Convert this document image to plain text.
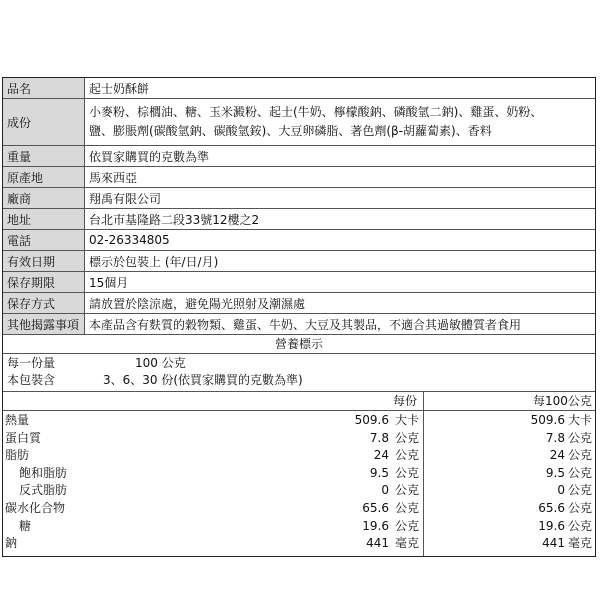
品名	起士奶酥餅
成份
小麥粉、棕櫚油、糖、玉米澱粉、起士(牛奶、檸檬酸鈉、磷酸氫二鈉)、雞蛋、奶粉、
鹽、膨脹劑(碳酸氫鈉、碳酸氫銨)、大豆卵磷脂、著色劑(β-胡蘿蔔素)、香料
重量	依買家購買的克數為準
原產地	馬來西亞
廠商	翔禹有限公司
地址	台北市基隆路二段33號12樓之2
電話	02-26334805
有效日期	標示於包裝上 (年/日/月)
保存期限	15個月
保存方式	請放置於陰涼處，避免陽光照射及潮濕處
其他揭露事項 本產品含有麩質的穀物類、雞蛋、牛奶、大豆及其製品，不適合其過敏體質者食用
營養標示
每一份量	100 公克
本包裝含	3、6、30 份(依買家購買的克數為準)
每份	每100公克
熱量	509.6 大卡	509.6 大卡
蛋白質	7.8 公克	7.8 公克
脂肪	24 公克	24 公克
飽和脂肪	9.5 公克	9.5 公克
反式脂肪	0 公克	0 公克
碳水化合物	65.6 公克	65.6 公克
糖	19.6 公克	19.6 公克
鈉	441 毫克	441 毫克
